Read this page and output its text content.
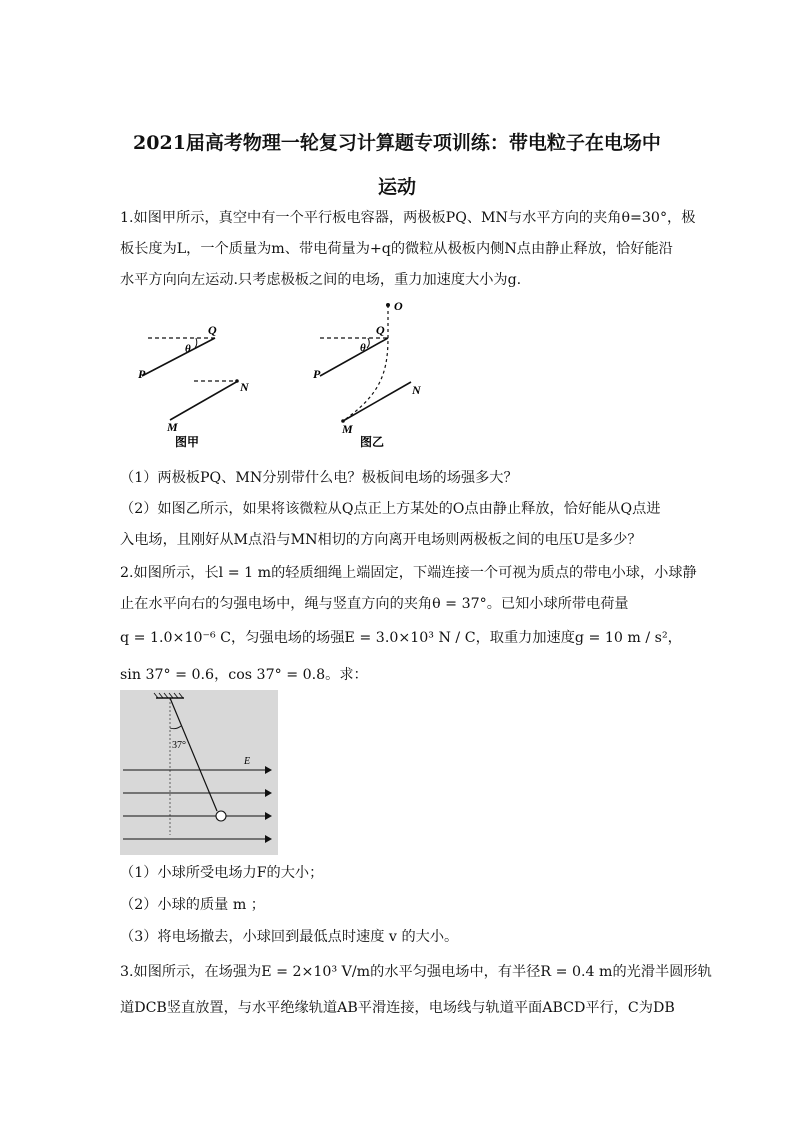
2021届高考物理一轮复习计算题专项训练：带电粒子在电场中
运动
1.如图甲所示，真空中有一个平行板电容器，两极板PQ、MN与水平方向的夹角θ=30°，极
板长度为L，一个质量为m、带电荷量为+q的微粒从极板内侧N点由静止释放，恰好能沿
水平方向向左运动.只考虑极板之间的电场，重力加速度大小为g.
Q
θ
P
N
M
图甲
O
Q
θ
P
N
M
图乙
（1）两极板PQ、MN分别带什么电？极板间电场的场强多大？
（2）如图乙所示，如果将该微粒从Q点正上方某处的O点由静止释放，恰好能从Q点进
入电场，且刚好从M点沿与MN相切的方向离开电场则两极板之间的电压U是多少？
2.如图所示，长l = 1 m的轻质细绳上端固定，下端连接一个可视为质点的带电小球，小球静
止在水平向右的匀强电场中，绳与竖直方向的夹角θ = 37°。已知小球所带电荷量
q = 1.0×10⁻⁶ C，匀强电场的场强E = 3.0×10³ N / C，取重力加速度g = 10 m / s²，
sin 37° = 0.6，cos 37° = 0.8。求：
37°
E
（1）小球所受电场力F的大小；
（2）小球的质量 m ；
（3）将电场撤去，小球回到最低点时速度 v 的大小。
3.如图所示，在场强为E = 2×10³ V/m的水平匀强电场中，有半径R = 0.4 m的光滑半圆形轨
道DCB竖直放置，与水平绝缘轨道AB平滑连接，电场线与轨道平面ABCD平行，C为DB
